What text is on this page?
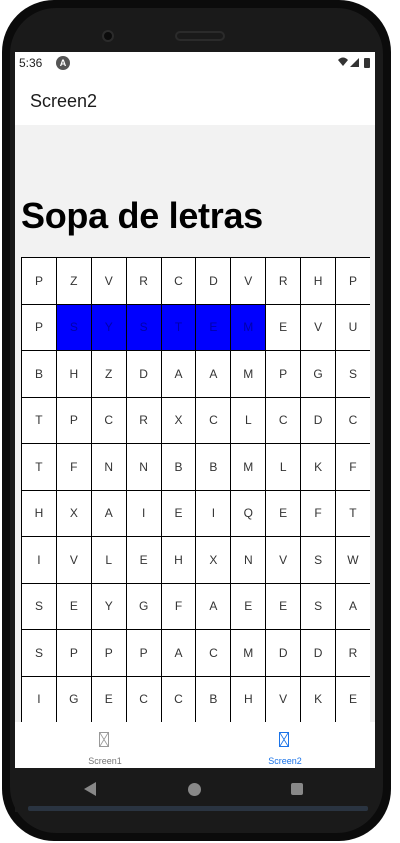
5:36	A
Screen2
Sopa de letras
P	Z	V	R	C	D	V	R	H	P
P	S	Y	S	T	E	M	E	V	U
B	H	Z	D	A	A	M	P	G	S
T	P	C	R	X	C	L	C	D	C
T	F	N	N	B	B	M	L	K	F
H	X	A	I	E	I	Q	E	F	T
I	V	L	E	H	X	N	V	S	W
S	E	Y	G	F	A	E	E	S	A
S	P	P	P	A	C	M	D	D	R
I	G	E	C	C	B	H	V	K	E
Screen1	Screen2
